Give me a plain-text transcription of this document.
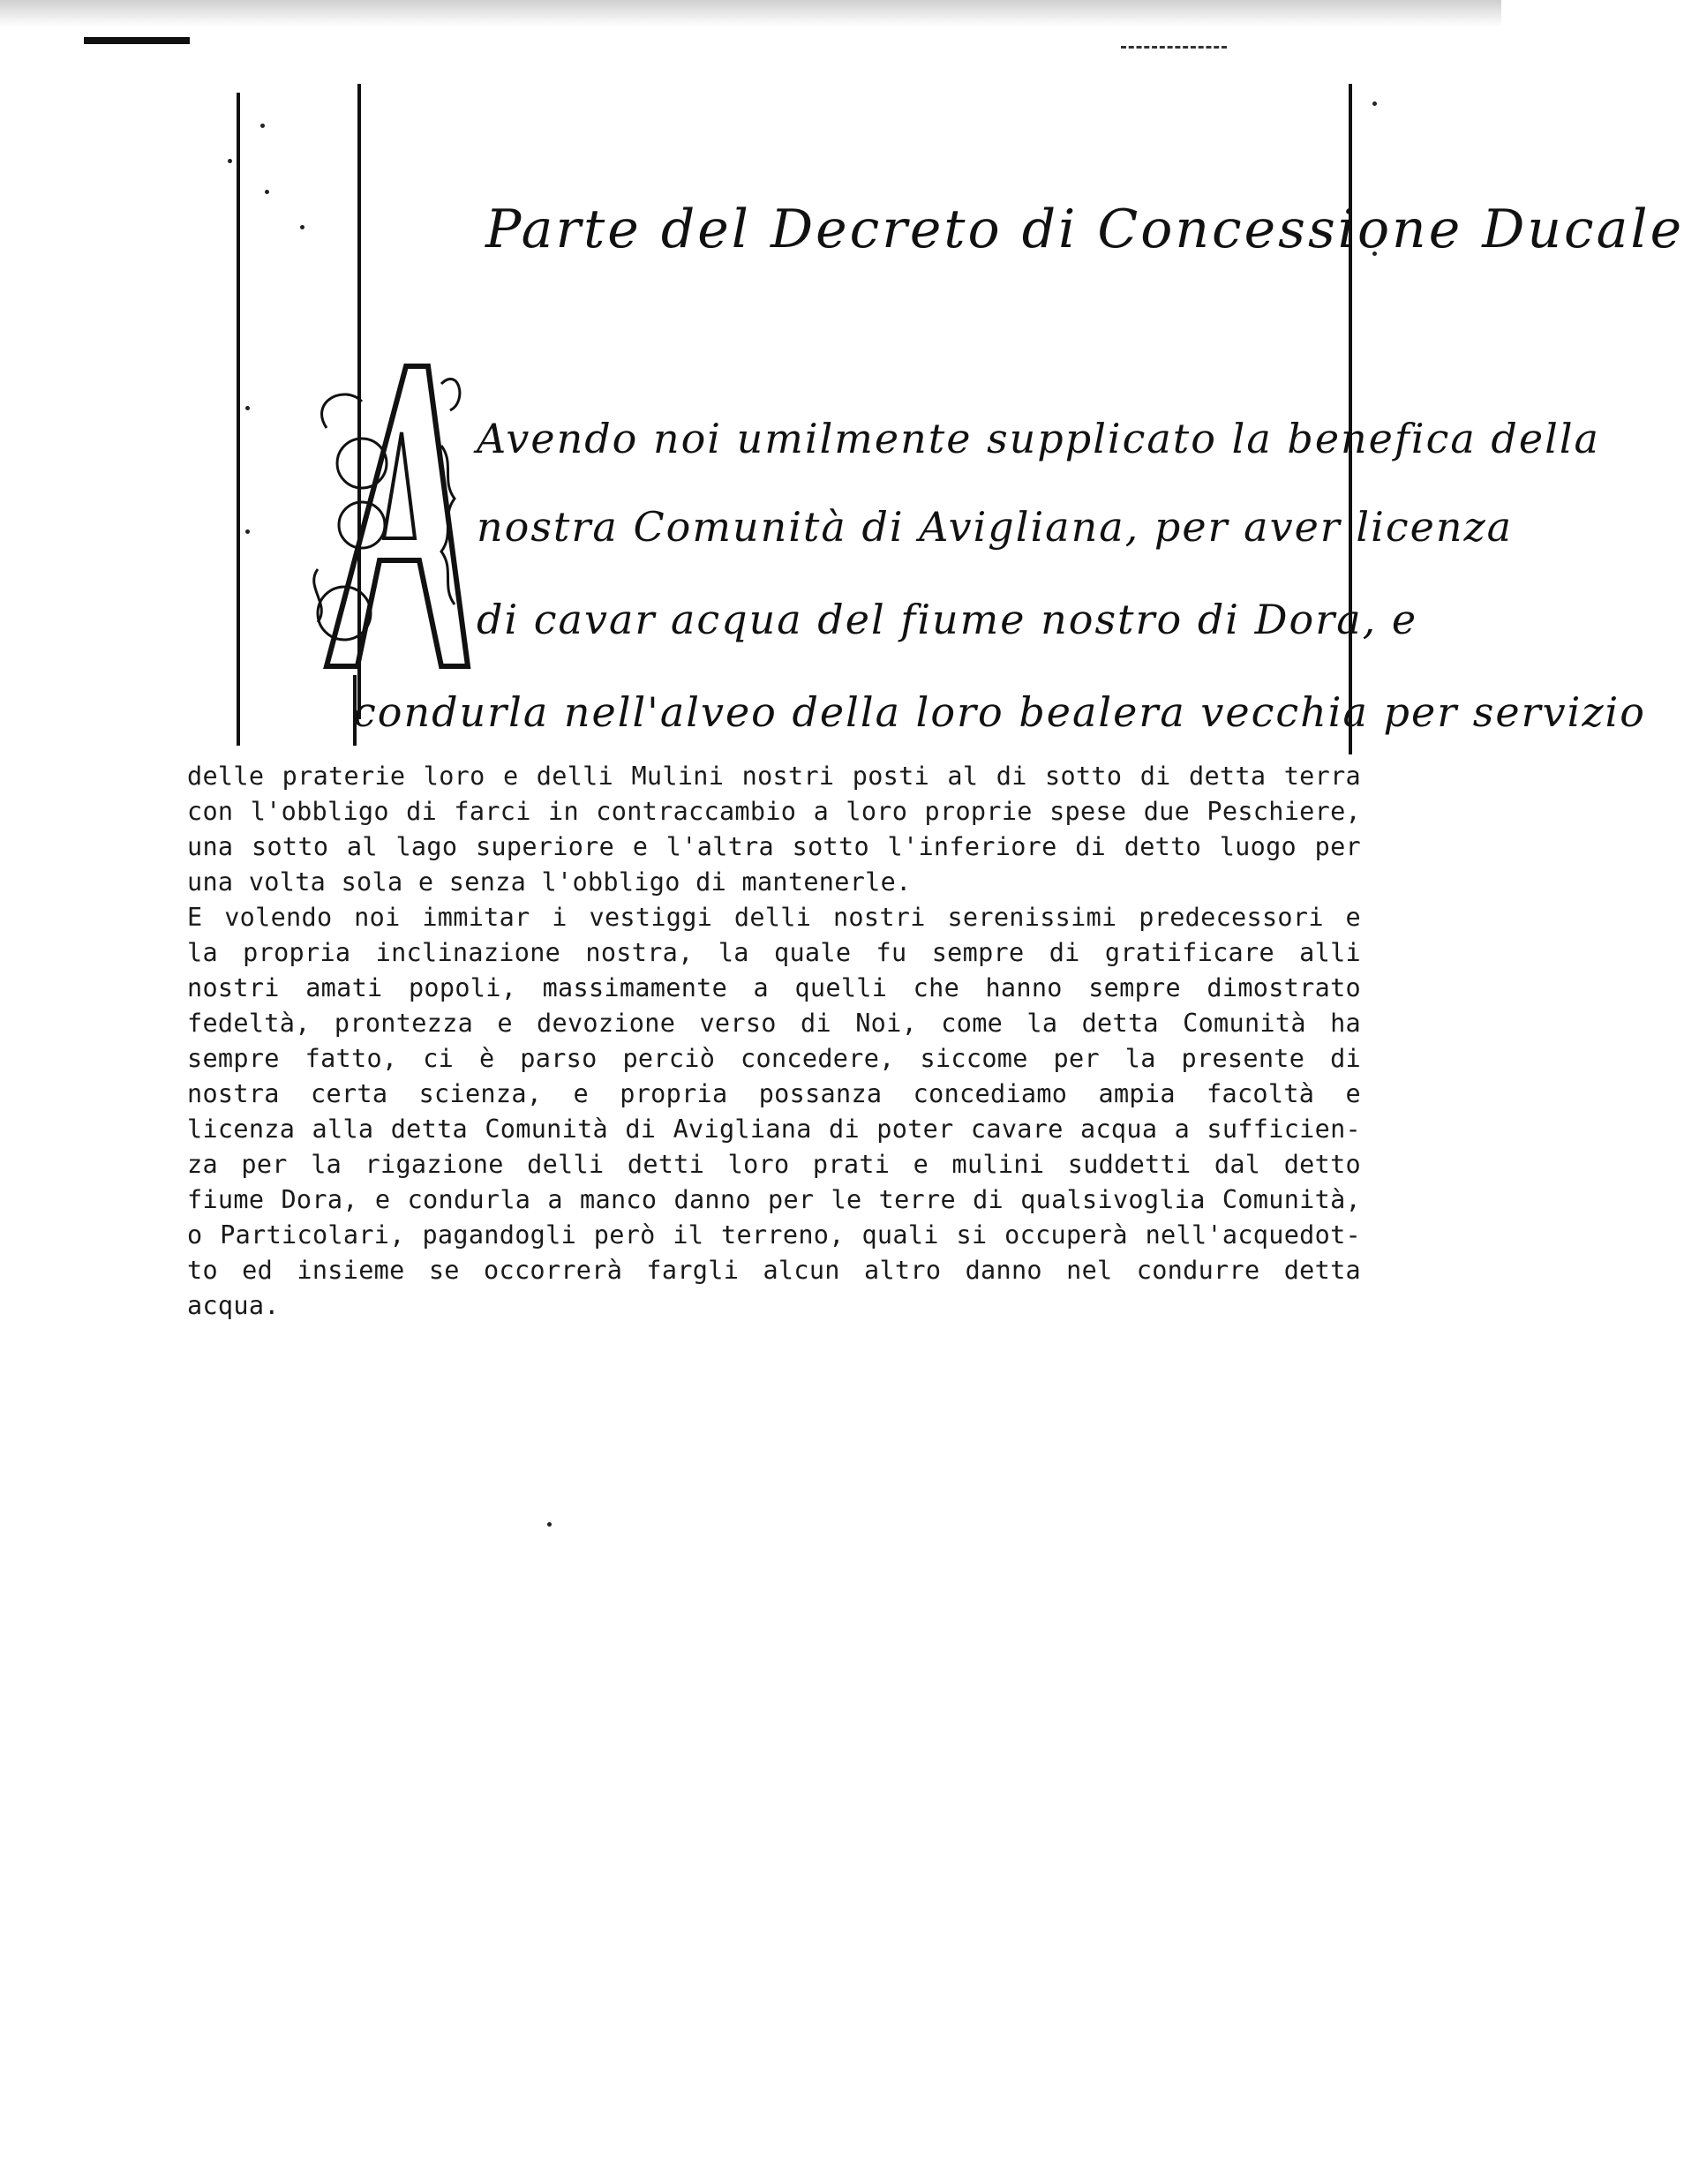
Parte del Decreto di Concessione Ducale
Avendo noi umilmente supplicato la benefica della
nostra Comunità di Avigliana, per aver licenza
di cavar acqua del fiume nostro di Dora, e
condurla nell'alveo della loro bealera vecchia per servizio

delle praterie loro e delli Mulini nostri posti al di sotto di detta terra

con l'obbligo di farci in contraccambio a loro proprie spese due Peschiere,

una sotto al lago superiore e l'altra sotto l'inferiore di detto luogo per

una volta sola e senza l'obbligo di mantenerle.

E volendo noi immitar i vestiggi delli nostri serenissimi predecessori e

la propria inclinazione nostra, la quale fu sempre di gratificare alli

nostri amati popoli, massimamente a quelli che hanno sempre dimostrato

fedeltà, prontezza e devozione verso di Noi, come la detta Comunità ha

sempre fatto, ci è parso perciò concedere, siccome per la presente di

nostra certa scienza, e propria possanza concediamo ampia facoltà e

licenza alla detta Comunità di Avigliana di poter cavare acqua a sufficien-

za per la rigazione delli detti loro prati e mulini suddetti dal detto

fiume Dora, e condurla a manco danno per le terre di qualsivoglia Comunità,

o Particolari, pagandogli però il terreno, quali si occuperà nell'acquedot-

to ed insieme se occorrerà fargli alcun altro danno nel condurre detta

acqua.
